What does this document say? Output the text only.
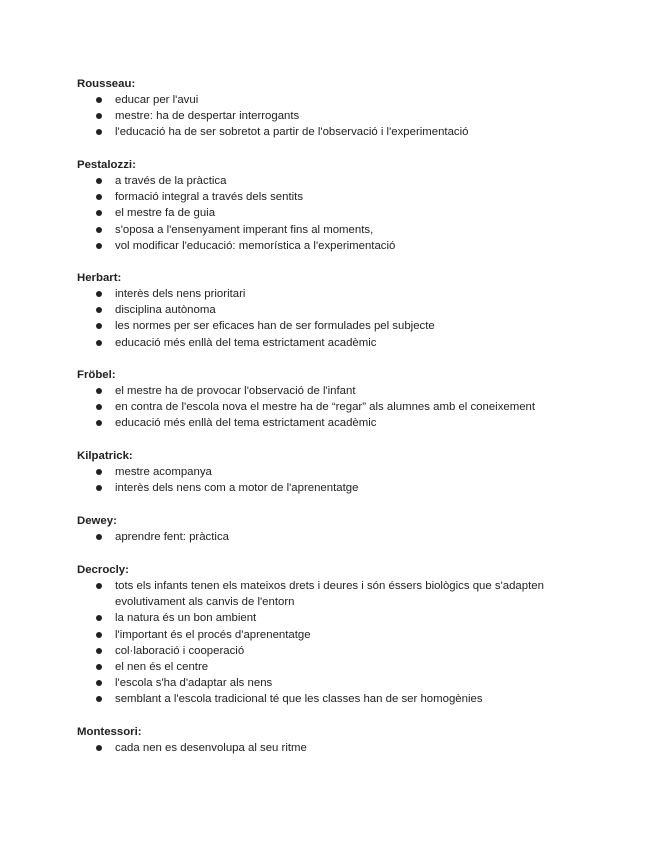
Rousseau:
educar per l'avui
mestre: ha de despertar interrogants
l'educació ha de ser sobretot a partir de l'observació i l'experimentació
Pestalozzi:
a través de la pràctica
formació integral a través dels sentits
el mestre fa de guia
s'oposa a l'ensenyament imperant fins al moments,
vol modificar l'educació: memorística a l'experimentació
Herbart:
interès dels nens prioritari
disciplina autònoma
les normes per ser eficaces han de ser formulades pel subjecte
educació més enllà del tema estrictament acadèmic
Fröbel:
el mestre ha de provocar l'observació de l'infant
en contra de l'escola nova el mestre ha de “regar” als alumnes amb el coneixement
educació més enllà del tema estrictament acadèmic
Kilpatrick:
mestre acompanya
interès dels nens com a motor de l'aprenentatge
Dewey:
aprendre fent: pràctica
Decrocly:
tots els infants tenen els mateixos drets i deures i són éssers biològics que s'adapten evolutivament als canvis de l'entorn
la natura és un bon ambient
l'important és el procés d'aprenentatge
col·laboració i cooperació
el nen és el centre
l'escola s'ha d'adaptar als nens
semblant a l'escola tradicional té que les classes han de ser homogènies
Montessori:
cada nen es desenvolupa al seu ritme
